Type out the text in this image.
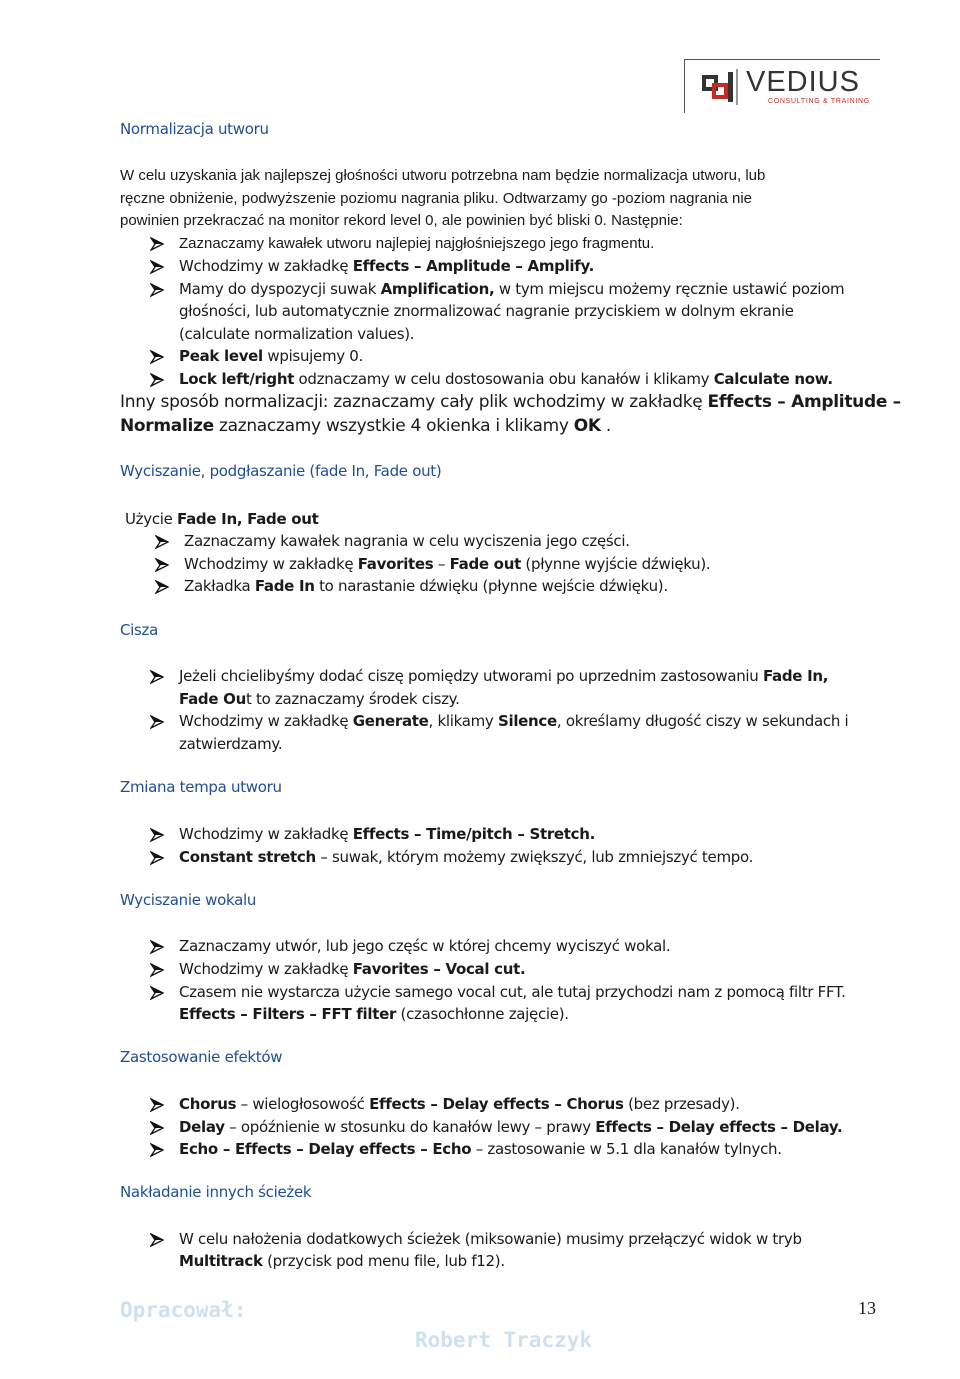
VEDIUS
CONSULTING & TRAINING
Normalizacja utworu
W celu uzyskania jak najlepszej głośności utworu potrzebna nam będzie normalizacja utworu, lub
ręczne obniżenie, podwyższenie poziomu nagrania pliku. Odtwarzamy go -poziom nagrania nie
powinien przekraczać na monitor rekord level 0, ale powinien być bliski 0. Następnie:
Zaznaczamy kawałek utworu najlepiej najgłośniejszego jego fragmentu.
Wchodzimy w zakładkę Effects – Amplitude – Amplify.
Mamy do dyspozycji suwak Amplification, w tym miejscu możemy ręcznie ustawić poziom
głośności, lub automatycznie znormalizować nagranie przyciskiem w dolnym ekranie
(calculate normalization values).
Peak level wpisujemy 0.
Lock left/right odznaczamy w celu dostosowania obu kanałów i klikamy Calculate now.
Inny sposób normalizacji: zaznaczamy cały plik wchodzimy w zakładkę Effects – Amplitude –
Normalize zaznaczamy wszystkie 4 okienka i klikamy OK .
Wyciszanie, podgłaszanie (fade In, Fade out)
Użycie Fade In, Fade out
Zaznaczamy kawałek nagrania w celu wyciszenia jego części.
Wchodzimy w zakładkę Favorites – Fade out (płynne wyjście dźwięku).
Zakładka Fade In to narastanie dźwięku (płynne wejście dźwięku).
Cisza
Jeżeli chcielibyśmy dodać ciszę pomiędzy utworami po uprzednim zastosowaniu Fade In,
Fade Out to zaznaczamy środek ciszy.
Wchodzimy w zakładkę Generate, klikamy Silence, określamy długość ciszy w sekundach i
zatwierdzamy.
Zmiana tempa utworu
Wchodzimy w zakładkę Effects – Time/pitch – Stretch.
Constant stretch – suwak, którym możemy zwiększyć, lub zmniejszyć tempo.
Wyciszanie wokalu
Zaznaczamy utwór, lub jego częśc w której chcemy wyciszyć wokal.
Wchodzimy w zakładkę Favorites – Vocal cut.
Czasem nie wystarcza użycie samego vocal cut, ale tutaj przychodzi nam z pomocą filtr FFT.
Effects – Filters – FFT filter (czasochłonne zajęcie).
Zastosowanie efektów
Chorus – wielogłosowość Effects – Delay effects – Chorus (bez przesady).
Delay – opóźnienie w stosunku do kanałów lewy – prawy Effects – Delay effects – Delay.
Echo – Effects – Delay effects – Echo – zastosowanie w 5.1 dla kanałów tylnych.
Nakładanie innych ścieżek
W celu nałożenia dodatkowych ścieżek (miksowanie) musimy przełączyć widok w tryb
Multitrack (przycisk pod menu file, lub f12).
Opracował:
Robert Traczyk
13
